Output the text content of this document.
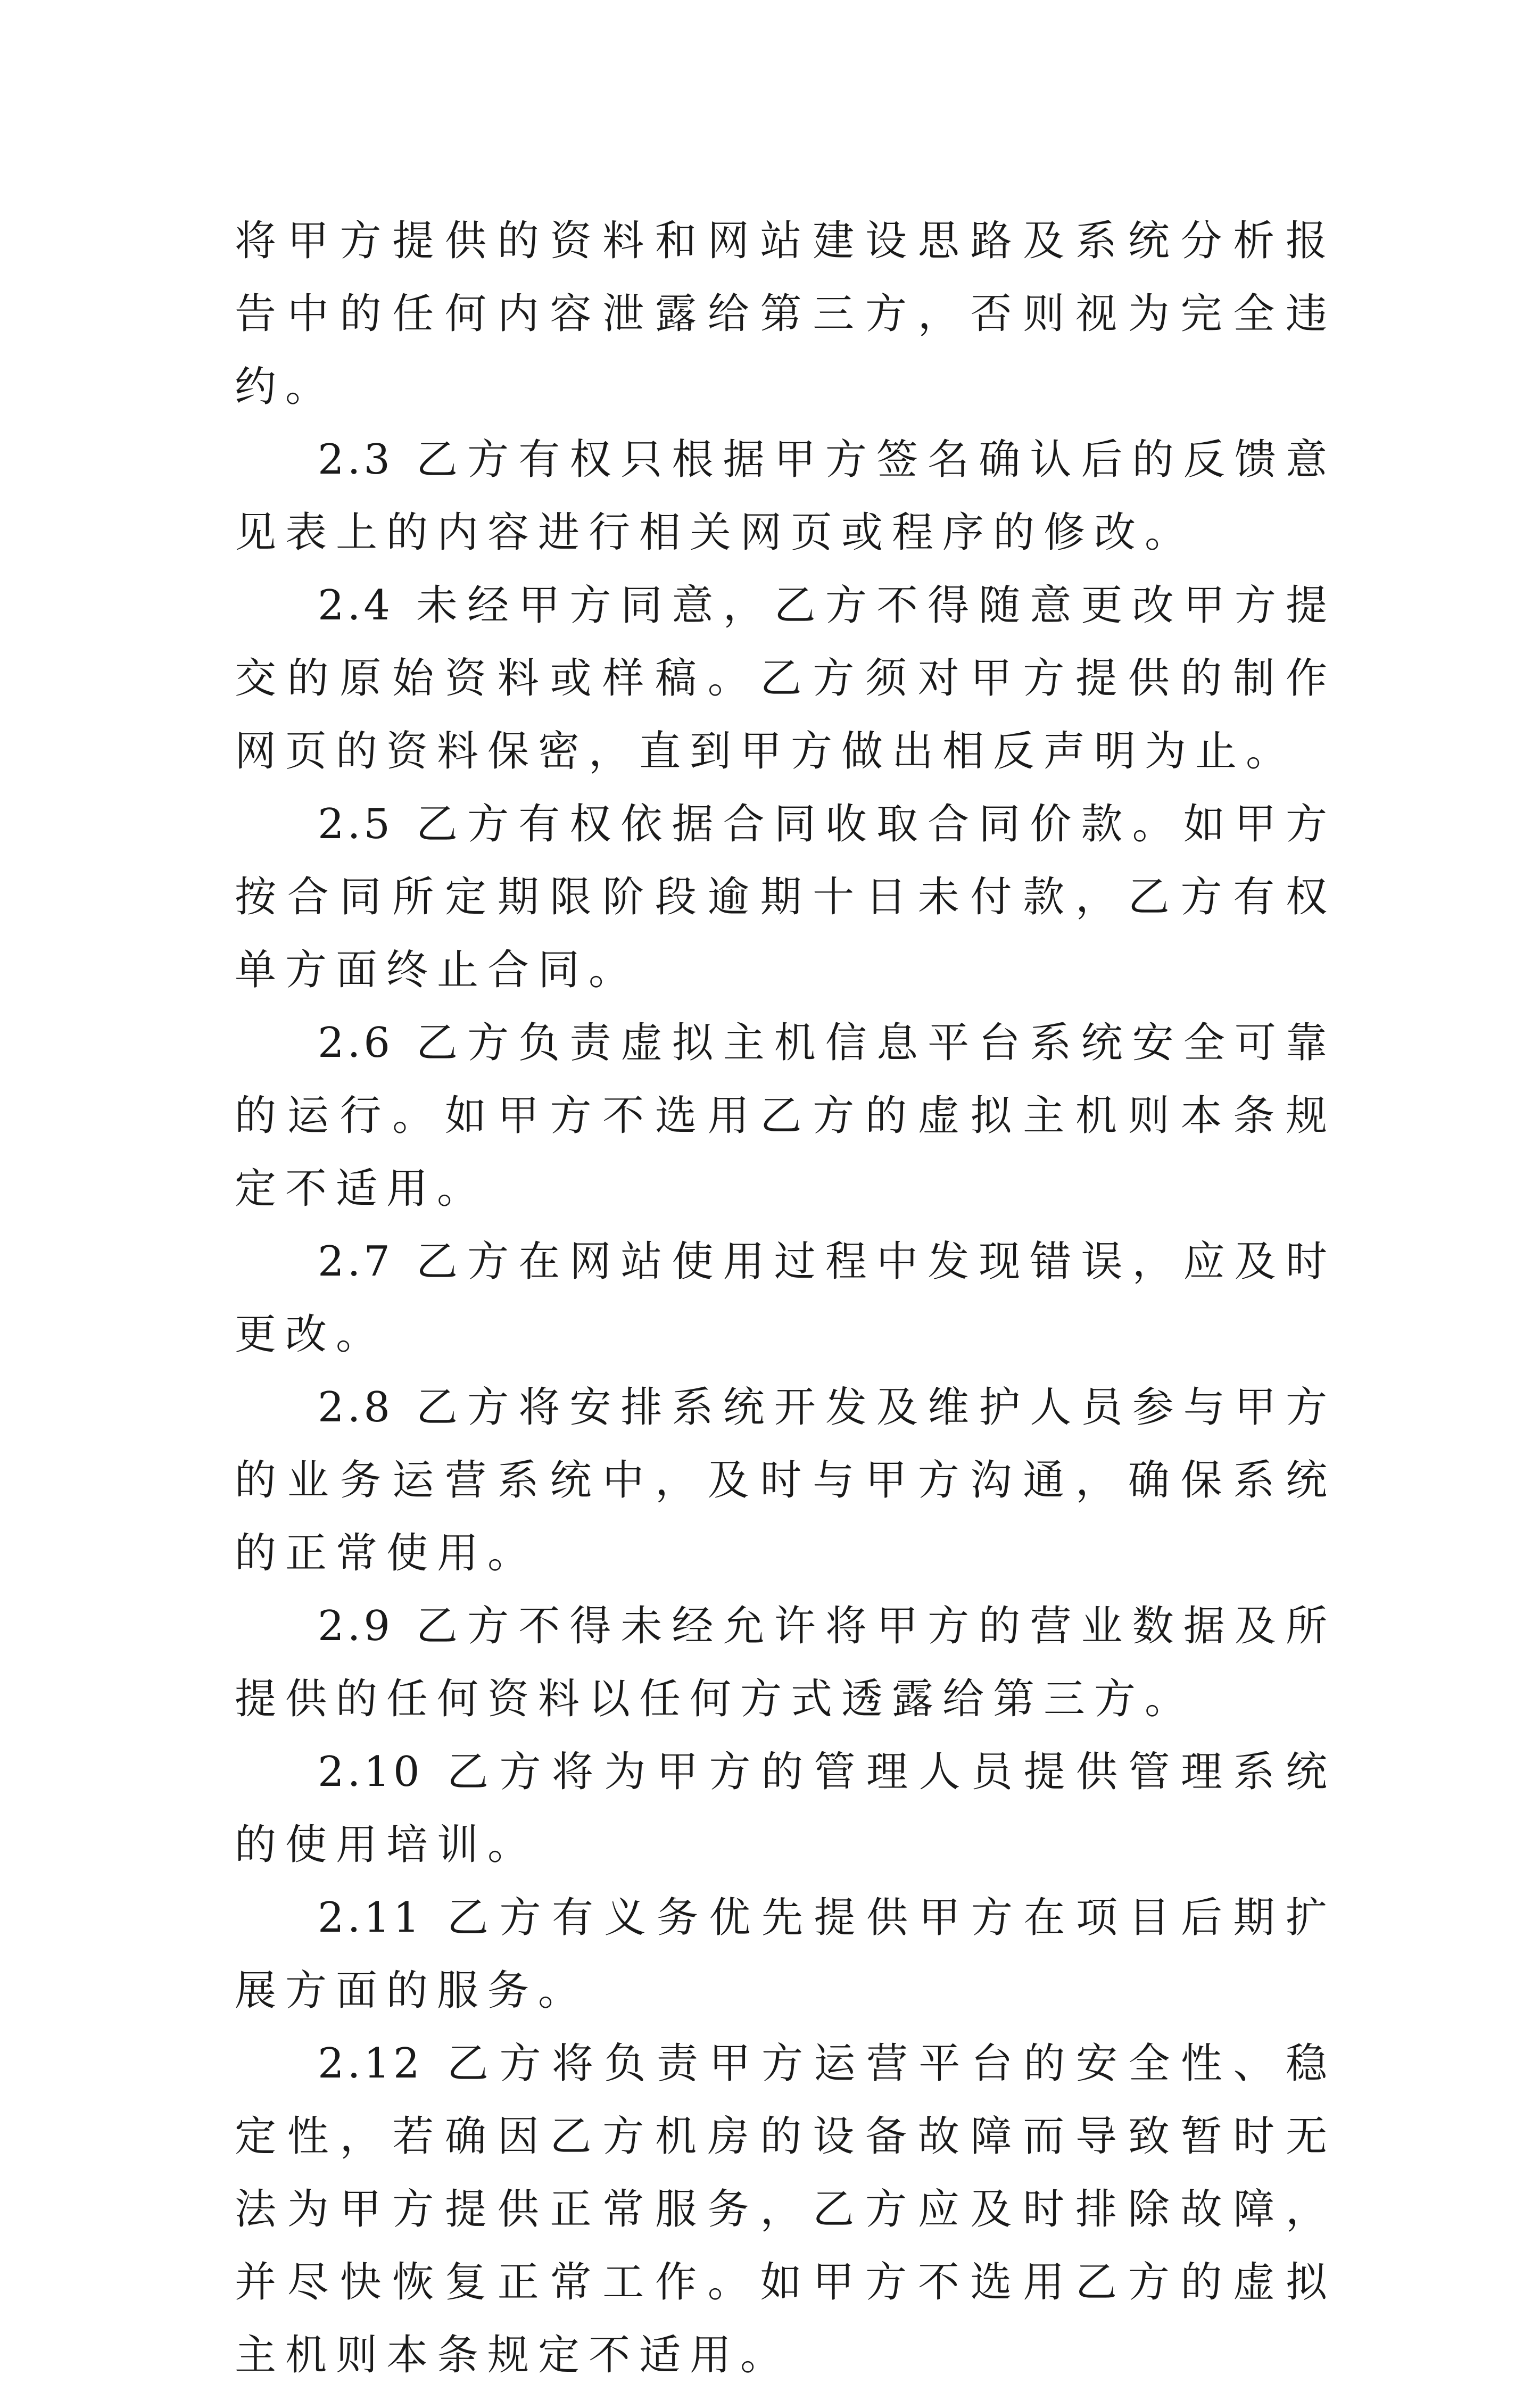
将甲方提供的资料和网站建设思路及系统分析报告中的任何内容泄露给第三方，否则视为完全违约。

2.3 乙方有权只根据甲方签名确认后的反馈意见表上的内容进行相关网页或程序的修改。

2.4 未经甲方同意，乙方不得随意更改甲方提交的原始资料或样稿。乙方须对甲方提供的制作网页的资料保密，直到甲方做出相反声明为止。

2.5 乙方有权依据合同收取合同价款。如甲方按合同所定期限阶段逾期十日未付款，乙方有权单方面终止合同。

2.6 乙方负责虚拟主机信息平台系统安全可靠的运行。如甲方不选用乙方的虚拟主机则本条规定不适用。

2.7 乙方在网站使用过程中发现错误，应及时更改。

2.8 乙方将安排系统开发及维护人员参与甲方的业务运营系统中，及时与甲方沟通，确保系统的正常使用。

2.9 乙方不得未经允许将甲方的营业数据及所提供的任何资料以任何方式透露给第三方。

2.10 乙方将为甲方的管理人员提供管理系统的使用培训。

2.11 乙方有义务优先提供甲方在项目后期扩展方面的服务。

2.12 乙方将负责甲方运营平台的安全性、稳定性，若确因乙方机房的设备故障而导致暂时无法为甲方提供正常服务，乙方应及时排除故障，并尽快恢复正常工作。如甲方不选用乙方的虚拟主机则本条规定不适用。
